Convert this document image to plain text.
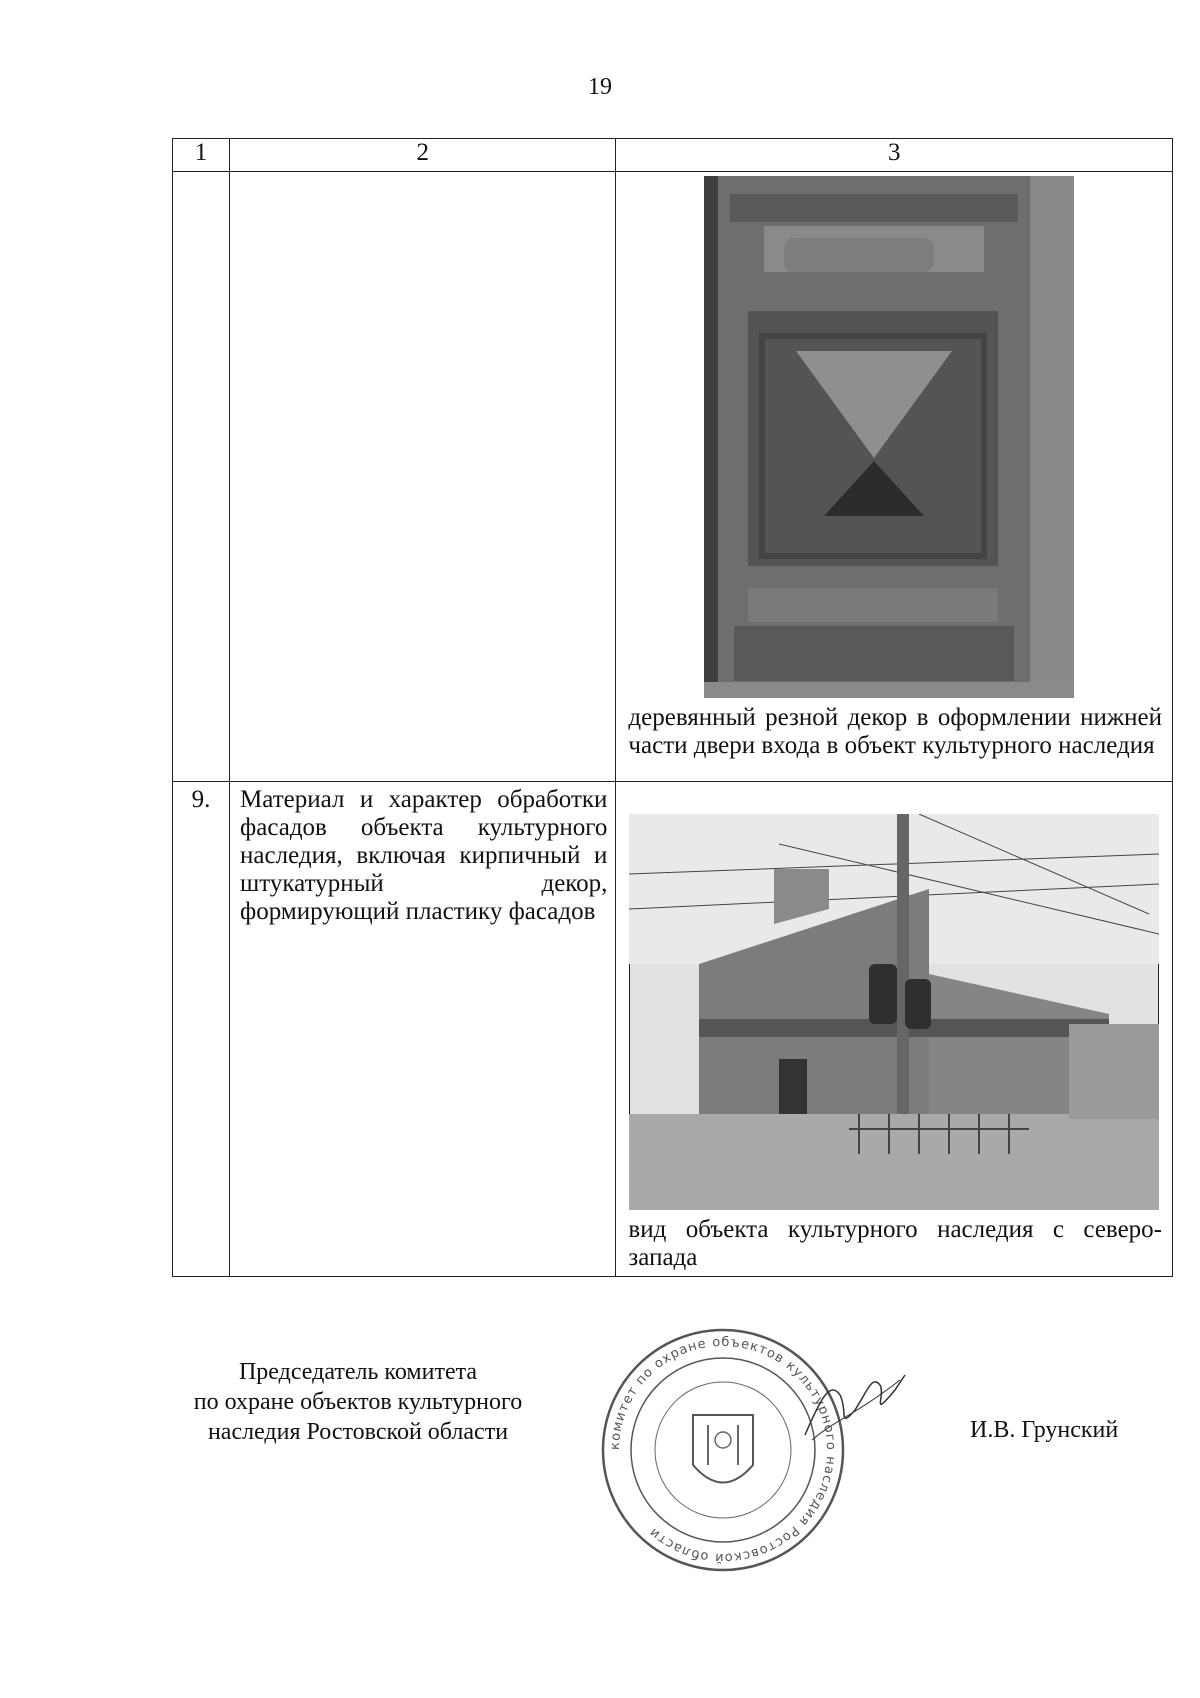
19
1	2	3

		деревянный резной декор в оформлении нижней части двери входа в объект культурного наследия

9.	Материал и характер обработки фасадов объекта культурного наследия, включая кирпичный и штукатурный декор, формирующий пластику фасадов	вид объекта культурного наследия с северо-запада
Председатель комитета
по охране объектов культурного
наследия Ростовской области
комитет по охране объектов культурного наследия Ростовской области
И.В. Грунский
